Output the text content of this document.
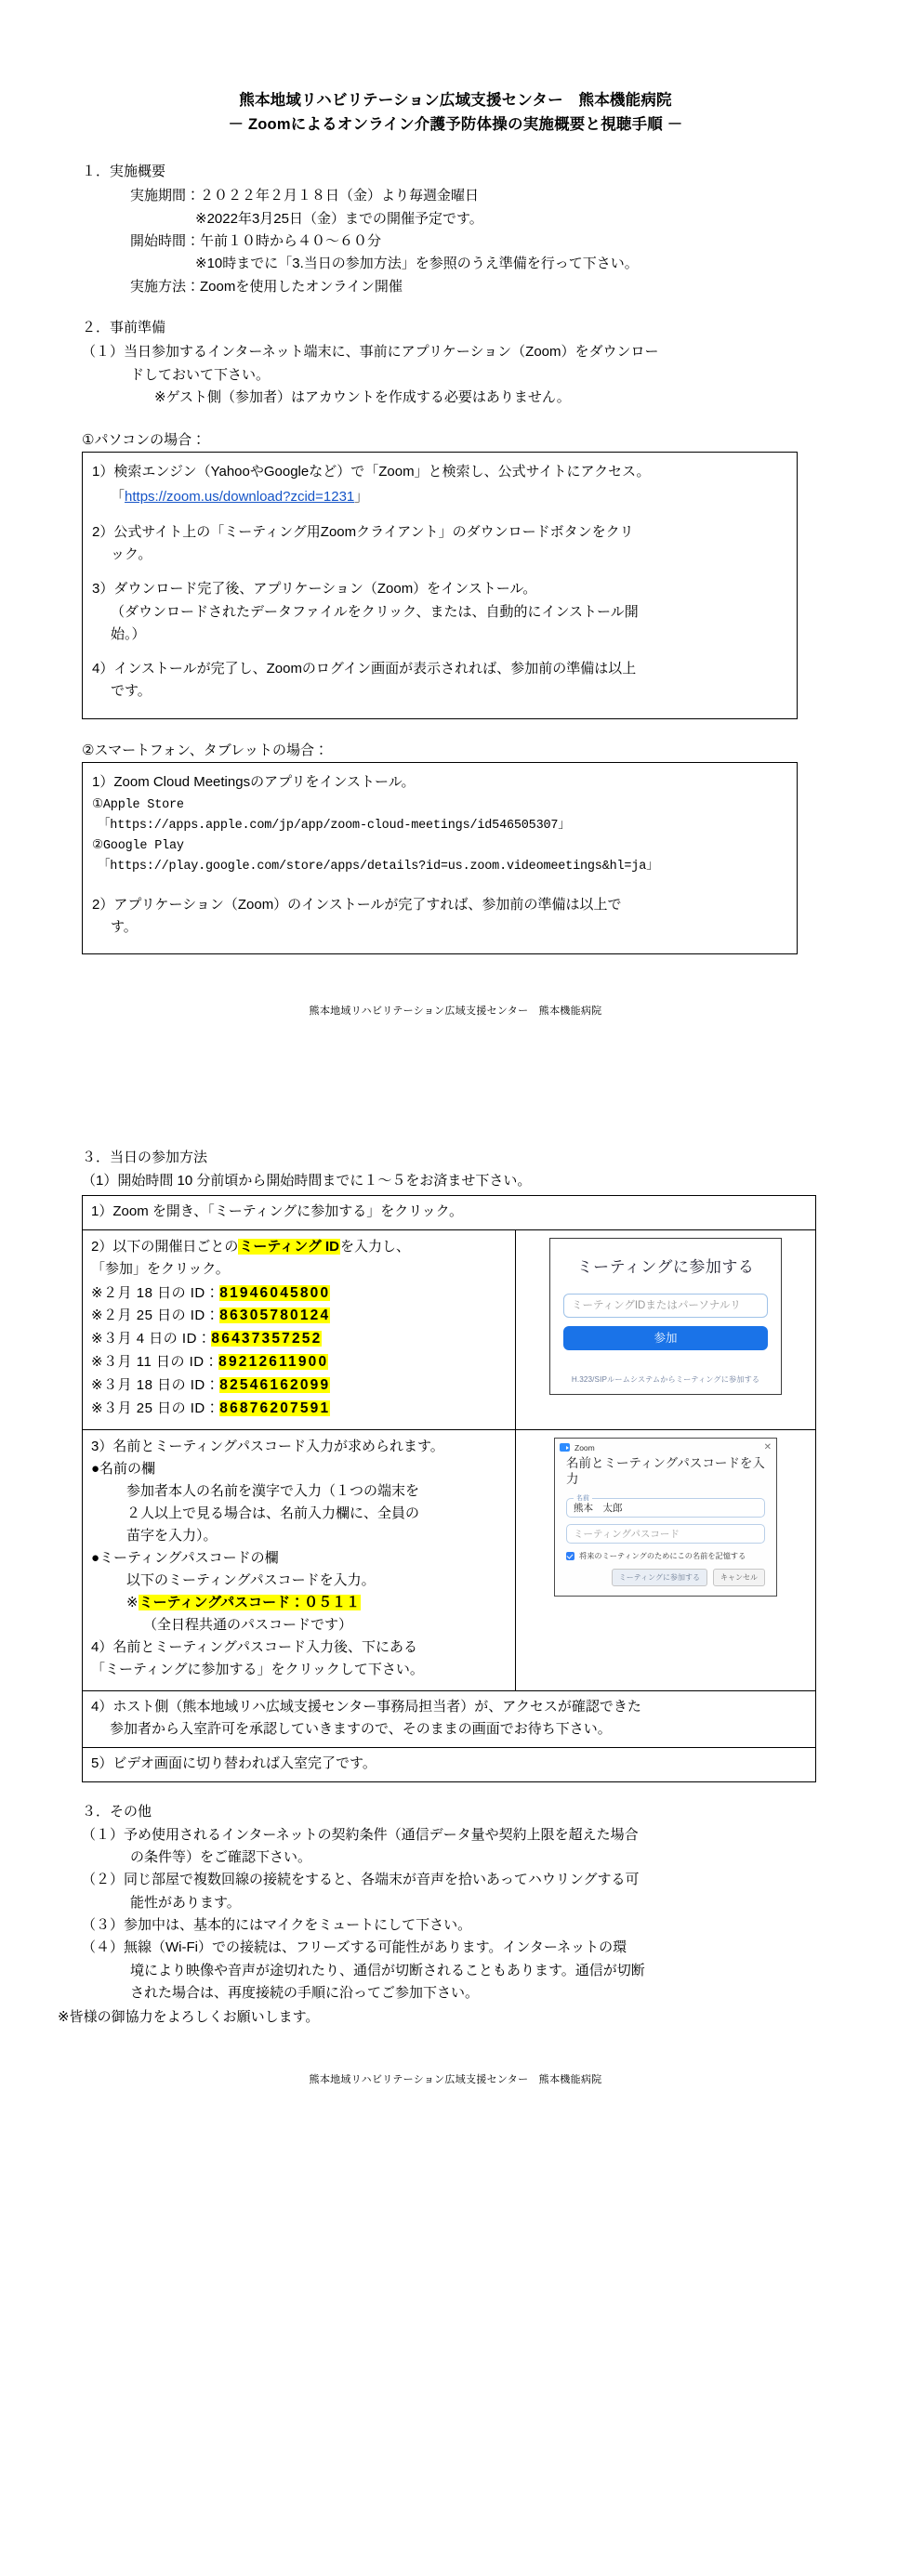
熊本地域リハビリテーション広域支援センター　熊本機能病院
－ Zoomによるオンライン介護予防体操の実施概要と視聴手順 －
１．実施概要
実施期間：２０２２年２月１８日（金）より毎週金曜日
※2022年3月25日（金）までの開催予定です。
開始時間：午前１０時から４０～６０分
※10時までに「3.当日の参加方法」を参照のうえ準備を行って下さい。
実施方法：Zoomを使用したオンライン開催
２．事前準備
（１）当日参加するインターネット端末に、事前にアプリケーション（Zoom）をダウンロー
ドしておいて下さい。
※ゲスト側（参加者）はアカウントを作成する必要はありません。
①パソコンの場合：

1）検索エンジン（YahooやGoogleなど）で「Zoom」と検索し、公式サイトにアクセス。

「https://zoom.us/download?zcid=1231」

2）公式サイト上の「ミーティング用Zoomクライアント」のダウンロードボタンをクリ

ック。

3）ダウンロード完了後、アプリケーション（Zoom）をインストール。

（ダウンロードされたデータファイルをクリック、または、自動的にインストール開

始。）

4）インストールが完了し、Zoomのログイン画面が表示されれば、参加前の準備は以上

です。

②スマートフォン、タブレットの場合：

1）Zoom Cloud Meetingsのアプリをインストール。

①Apple Store

「https://apps.apple.com/jp/app/zoom-cloud-meetings/id546505307」

②Google Play

「https://play.google.com/store/apps/details?id=us.zoom.videomeetings&hl=ja」

2）アプリケーション（Zoom）のインストールが完了すれば、参加前の準備は以上で

す。

熊本地域リハビリテーション広域支援センター　熊本機能病院
３．当日の参加方法
（1）開始時間 10 分前頃から開始時間までに１～５をお済ませ下さい。
1）Zoom を開き、「ミーティングに参加する」をクリック。
2）以下の開催日ごとのミーティング IDを入力し、
「参加」をクリック。
※２月 18 日の ID：81946045800
※２月 25 日の ID：86305780124
※３月 4 日の ID：86437357252
※３月 11 日の ID：89212611900
※３月 18 日の ID：82546162099
※３月 25 日の ID：86876207591
ミーティングに参加する
ミーティングIDまたはパーソナルリ
参加
H.323/SIPルームシステムからミーティングに参加する
3）名前とミーティングパスコード入力が求められます。
●名前の欄
参加者本人の名前を漢字で入力（１つの端末を
２人以上で見る場合は、名前入力欄に、全員の
苗字を入力）。
●ミーティングパスコードの欄
以下のミーティングパスコードを入力。
※ミーティングパスコード：０５１１
（全日程共通のパスコードです）
4）名前とミーティングパスコード入力後、下にある
「ミーティングに参加する」をクリックして下さい。
Zoom	✕
名前とミーティングパスコードを入力
名前
熊本　太郎
ミーティングパスコード
将来のミーティングのためにこの名前を記憶する
ミーティングに参加する	キャンセル
4）ホスト側（熊本地域リハ広域支援センター事務局担当者）が、アクセスが確認できた
参加者から入室許可を承認していきますので、そのままの画面でお待ち下さい。
5）ビデオ画面に切り替われば入室完了です。
３．その他
（１）予め使用されるインターネットの契約条件（通信データ量や契約上限を超えた場合
の条件等）をご確認下さい。
（２）同じ部屋で複数回線の接続をすると、各端末が音声を拾いあってハウリングする可
能性があります。
（３）参加中は、基本的にはマイクをミュートにして下さい。
（４）無線（Wi-Fi）での接続は、フリーズする可能性があります。インターネットの環
境により映像や音声が途切れたり、通信が切断されることもあります。通信が切断
された場合は、再度接続の手順に沿ってご参加下さい。
※皆様の御協力をよろしくお願いします。
熊本地域リハビリテーション広域支援センター　熊本機能病院
